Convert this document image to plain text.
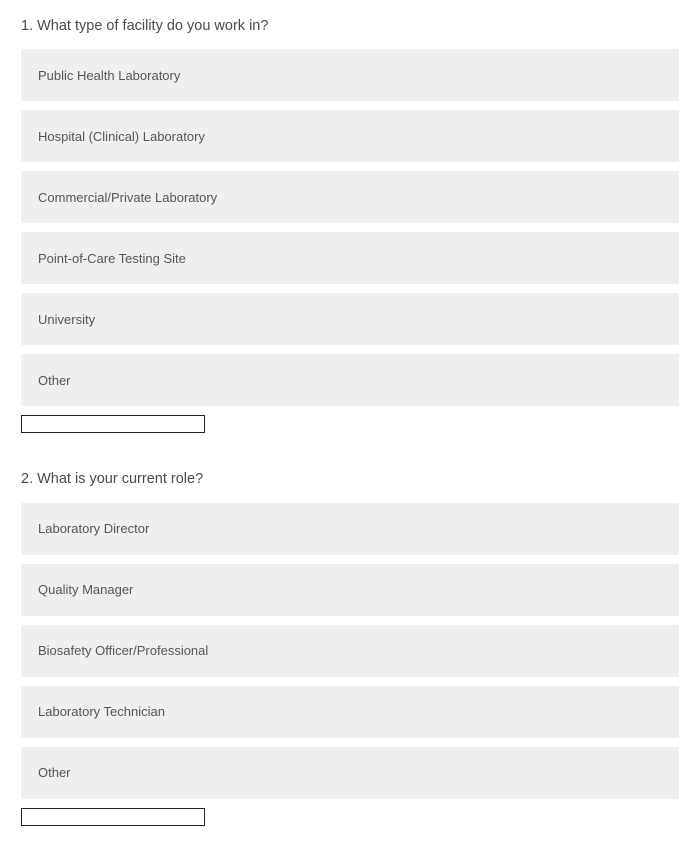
1. What type of facility do you work in?
Public Health Laboratory
Hospital (Clinical) Laboratory
Commercial/Private Laboratory
Point-of-Care Testing Site
University
Other
2. What is your current role?
Laboratory Director
Quality Manager
Biosafety Officer/Professional
Laboratory Technician
Other
